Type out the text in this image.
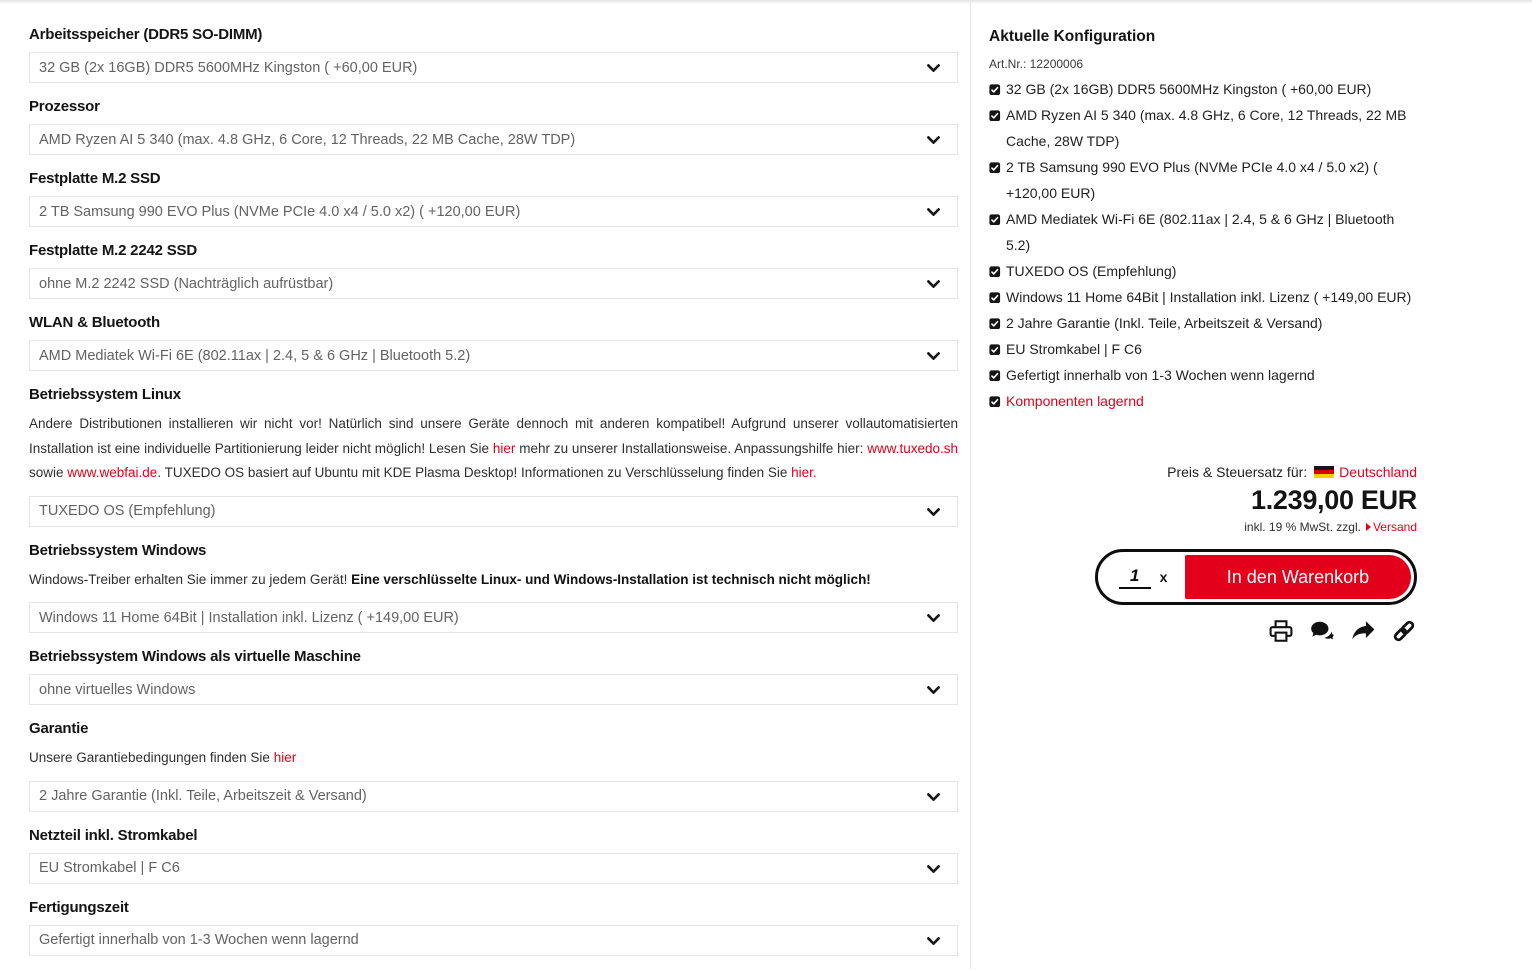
Arbeitsspeicher (DDR5 SO-DIMM)
32 GB (2x 16GB) DDR5 5600MHz Kingston ( +60,00 EUR)
Prozessor
AMD Ryzen AI 5 340 (max. 4.8 GHz, 6 Core, 12 Threads, 22 MB Cache, 28W TDP)
Festplatte M.2 SSD
2 TB Samsung 990 EVO Plus (NVMe PCIe 4.0 x4 / 5.0 x2) ( +120,00 EUR)
Festplatte M.2 2242 SSD
ohne M.2 2242 SSD (Nachträglich aufrüstbar)
WLAN & Bluetooth
AMD Mediatek Wi-Fi 6E (802.11ax | 2.4, 5 & 6 GHz | Bluetooth 5.2)
Betriebssystem Linux

Andere Distributionen installieren wir nicht vor! Natürlich sind unsere Geräte dennoch mit anderen kompatibel! Aufgrund unserer vollautomatisierten Installation ist eine individuelle Partitionierung leider nicht möglich! Lesen Sie hier mehr zu unserer Installationsweise. Anpassungshilfe hier: www.tuxedo.sh sowie www.webfai.de. TUXEDO OS basiert auf Ubuntu mit KDE Plasma Desktop! Informationen zu Verschlüsselung finden Sie hier.

TUXEDO OS (Empfehlung)
Betriebssystem Windows

Windows-Treiber erhalten Sie immer zu jedem Gerät! Eine verschlüsselte Linux- und Windows-Installation ist technisch nicht möglich!

Windows 11 Home 64Bit | Installation inkl. Lizenz ( +149,00 EUR)
Betriebssystem Windows als virtuelle Maschine
ohne virtuelles Windows
Garantie

Unsere Garantiebedingungen finden Sie hier

2 Jahre Garantie (Inkl. Teile, Arbeitszeit & Versand)
Netzteil inkl. Stromkabel
EU Stromkabel | F C6
Fertigungszeit
Gefertigt innerhalb von 1-3 Wochen wenn lagernd
Aktuelle Konfiguration
Art.Nr.: 12200006
32 GB (2x 16GB) DDR5 5600MHz Kingston ( +60,00 EUR)
AMD Ryzen AI 5 340 (max. 4.8 GHz, 6 Core, 12 Threads, 22 MB Cache, 28W TDP)
2 TB Samsung 990 EVO Plus (NVMe PCIe 4.0 x4 / 5.0 x2) ( +120,00 EUR)
AMD Mediatek Wi-Fi 6E (802.11ax | 2.4, 5 & 6 GHz | Bluetooth 5.2)
TUXEDO OS (Empfehlung)
Windows 11 Home 64Bit | Installation inkl. Lizenz ( +149,00 EUR)
2 Jahre Garantie (Inkl. Teile, Arbeitszeit & Versand)
EU Stromkabel | F C6
Gefertigt innerhalb von 1-3 Wochen wenn lagernd
Komponenten lagernd
Preis & Steuersatz für: Deutschland
1.239,00 EUR
inkl. 19 % MwSt. zzgl. Versand
1
x	In den Warenkorb
